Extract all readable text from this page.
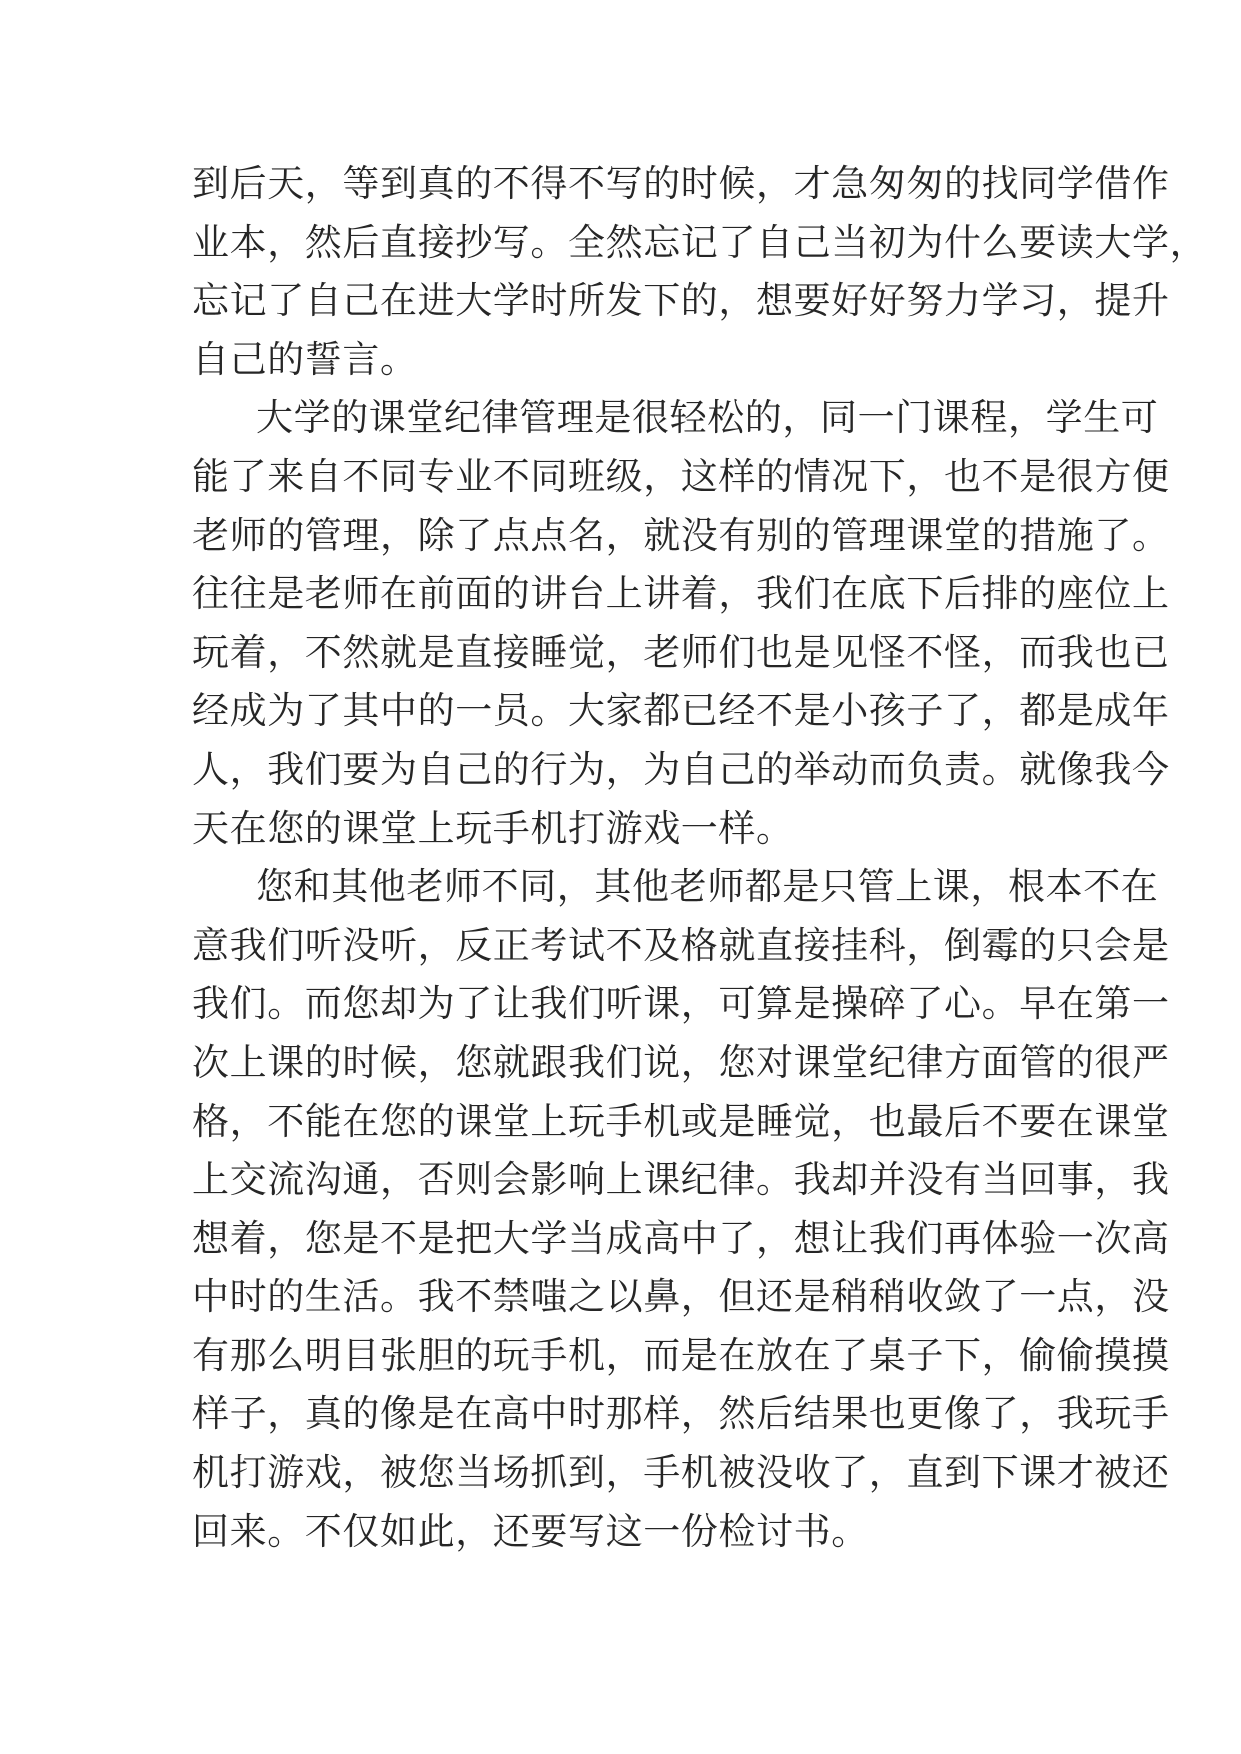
到后天，等到真的不得不写的时候，才急匆匆的找同学借作
业本，然后直接抄写。全然忘记了自己当初为什么要读大学，
忘记了自己在进大学时所发下的，想要好好努力学习，提升
自己的誓言。
大学的课堂纪律管理是很轻松的，同一门课程，学生可
能了来自不同专业不同班级，这样的情况下，也不是很方便
老师的管理，除了点点名，就没有别的管理课堂的措施了。
往往是老师在前面的讲台上讲着，我们在底下后排的座位上
玩着，不然就是直接睡觉，老师们也是见怪不怪，而我也已
经成为了其中的一员。大家都已经不是小孩子了，都是成年
人，我们要为自己的行为，为自己的举动而负责。就像我今
天在您的课堂上玩手机打游戏一样。
您和其他老师不同，其他老师都是只管上课，根本不在
意我们听没听，反正考试不及格就直接挂科，倒霉的只会是
我们。而您却为了让我们听课，可算是操碎了心。早在第一
次上课的时候，您就跟我们说，您对课堂纪律方面管的很严
格，不能在您的课堂上玩手机或是睡觉，也最后不要在课堂
上交流沟通，否则会影响上课纪律。我却并没有当回事，我
想着，您是不是把大学当成高中了，想让我们再体验一次高
中时的生活。我不禁嗤之以鼻，但还是稍稍收敛了一点，没
有那么明目张胆的玩手机，而是在放在了桌子下，偷偷摸摸
样子，真的像是在高中时那样，然后结果也更像了，我玩手
机打游戏，被您当场抓到，手机被没收了，直到下课才被还
回来。不仅如此，还要写这一份检讨书。
